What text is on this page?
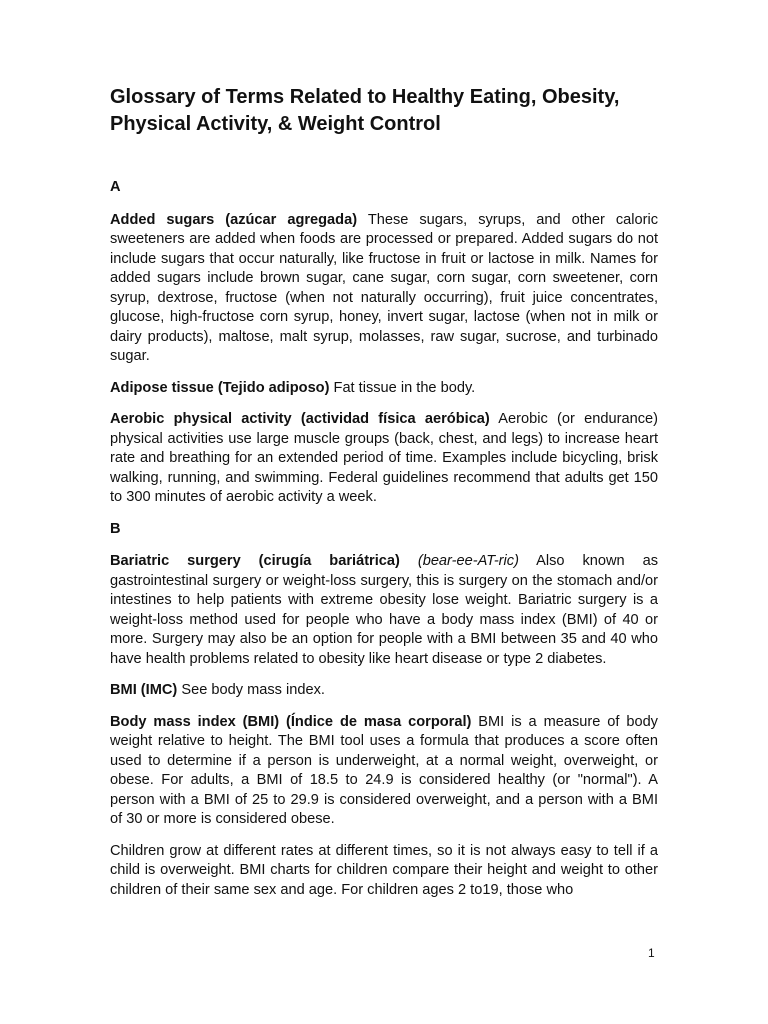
Glossary of Terms Related to Healthy Eating, Obesity, Physical Activity, & Weight Control
A

Added sugars (azúcar agregada) These sugars, syrups, and other caloric sweeteners are added when foods are processed or prepared. Added sugars do not include sugars that occur naturally, like fructose in fruit or lactose in milk. Names for added sugars include brown sugar, cane sugar, corn sugar, corn sweetener, corn syrup, dextrose, fructose (when not naturally occurring), fruit juice concentrates, glucose, high-fructose corn syrup, honey, invert sugar, lactose (when not in milk or dairy products), maltose, malt syrup, molasses, raw sugar, sucrose, and turbinado sugar.

Adipose tissue (Tejido adiposo) Fat tissue in the body.

Aerobic physical activity (actividad física aeróbica) Aerobic (or endurance) physical activities use large muscle groups (back, chest, and legs) to increase heart rate and breathing for an extended period of time. Examples include bicycling, brisk walking, running, and swimming. Federal guidelines recommend that adults get 150 to 300 minutes of aerobic activity a week.

B

Bariatric surgery (cirugía bariátrica) (bear-ee-AT-ric) Also known as gastrointestinal surgery or weight-loss surgery, this is surgery on the stomach and/or intestines to help patients with extreme obesity lose weight. Bariatric surgery is a weight-loss method used for people who have a body mass index (BMI) of 40 or more. Surgery may also be an option for people with a BMI between 35 and 40 who have health problems related to obesity like heart disease or type 2 diabetes.

BMI (IMC) See body mass index.

Body mass index (BMI) (Índice de masa corporal) BMI is a measure of body weight relative to height. The BMI tool uses a formula that produces a score often used to determine if a person is underweight, at a normal weight, overweight, or obese. For adults, a BMI of 18.5 to 24.9 is considered healthy (or "normal"). A person with a BMI of 25 to 29.9 is considered overweight, and a person with a BMI of 30 or more is considered obese.

Children grow at different rates at different times, so it is not always easy to tell if a child is overweight. BMI charts for children compare their height and weight to other children of their same sex and age. For children ages 2 to19, those who

1
